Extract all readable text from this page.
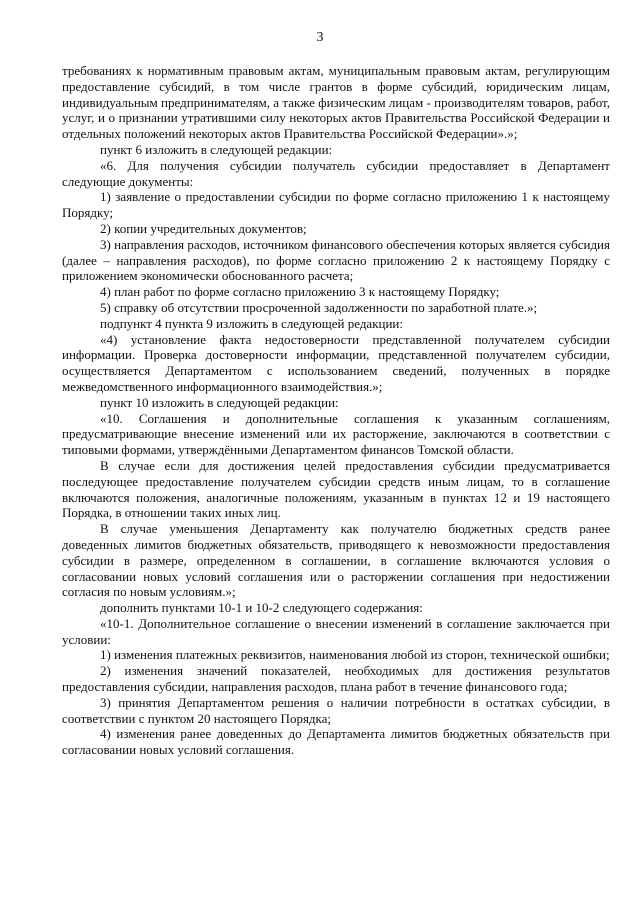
3

требованиях к нормативным правовым актам, муниципальным правовым актам, регулирующим предоставление субсидий, в том числе грантов в форме субсидий, юридическим лицам, индивидуальным предпринимателям, а также физическим лицам - производителям товаров, работ, услуг, и о признании утратившими силу некоторых актов Правительства Российской Федерации и отдельных положений некоторых актов Правительства Российской Федерации».»;

пункт 6 изложить в следующей редакции:

«6. Для получения субсидии получатель субсидии предоставляет в Департамент следующие документы:

1) заявление о предоставлении субсидии по форме согласно приложению 1 к настоящему Порядку;

2) копии учредительных документов;

3) направления расходов, источником финансового обеспечения которых является субсидия (далее – направления расходов), по форме согласно приложению 2 к настоящему Порядку с приложением экономически обоснованного расчета;

4) план работ по форме согласно приложению 3 к настоящему Порядку;

5) справку об отсутствии просроченной задолженности по заработной плате.»;

подпункт 4 пункта 9 изложить в следующей редакции:

«4) установление факта недостоверности представленной получателем субсидии информации. Проверка достоверности информации, представленной получателем субсидии, осуществляется Департаментом с использованием сведений, полученных в порядке межведомственного информационного взаимодействия.»;

пункт 10 изложить в следующей редакции:

«10. Соглашения и дополнительные соглашения к указанным соглашениям, предусматривающие внесение изменений или их расторжение, заключаются в соответствии с типовыми формами, утверждёнными Департаментом финансов Томской области.

В случае если для достижения целей предоставления субсидии предусматривается последующее предоставление получателем субсидии средств иным лицам, то в соглашение включаются положения, аналогичные положениям, указанным в пунктах 12 и 19 настоящего Порядка, в отношении таких иных лиц.

В случае уменьшения Департаменту как получателю бюджетных средств ранее доведенных лимитов бюджетных обязательств, приводящего к невозможности предоставления субсидии в размере, определенном в соглашении, в соглашение включаются условия о согласовании новых условий соглашения или о расторжении соглашения при недостижении согласия по новым условиям.»;

дополнить пунктами 10-1 и 10-2 следующего содержания:

«10-1. Дополнительное соглашение о внесении изменений в соглашение заключается при условии:

1) изменения платежных реквизитов, наименования любой из сторон, технической ошибки;

2) изменения значений показателей, необходимых для достижения результатов предоставления субсидии, направления расходов, плана работ в течение финансового года;

3) принятия Департаментом решения о наличии потребности в остатках субсидии, в соответствии с пунктом 20 настоящего Порядка;

4) изменения ранее доведенных до Департамента лимитов бюджетных обязательств при согласовании новых условий соглашения.
